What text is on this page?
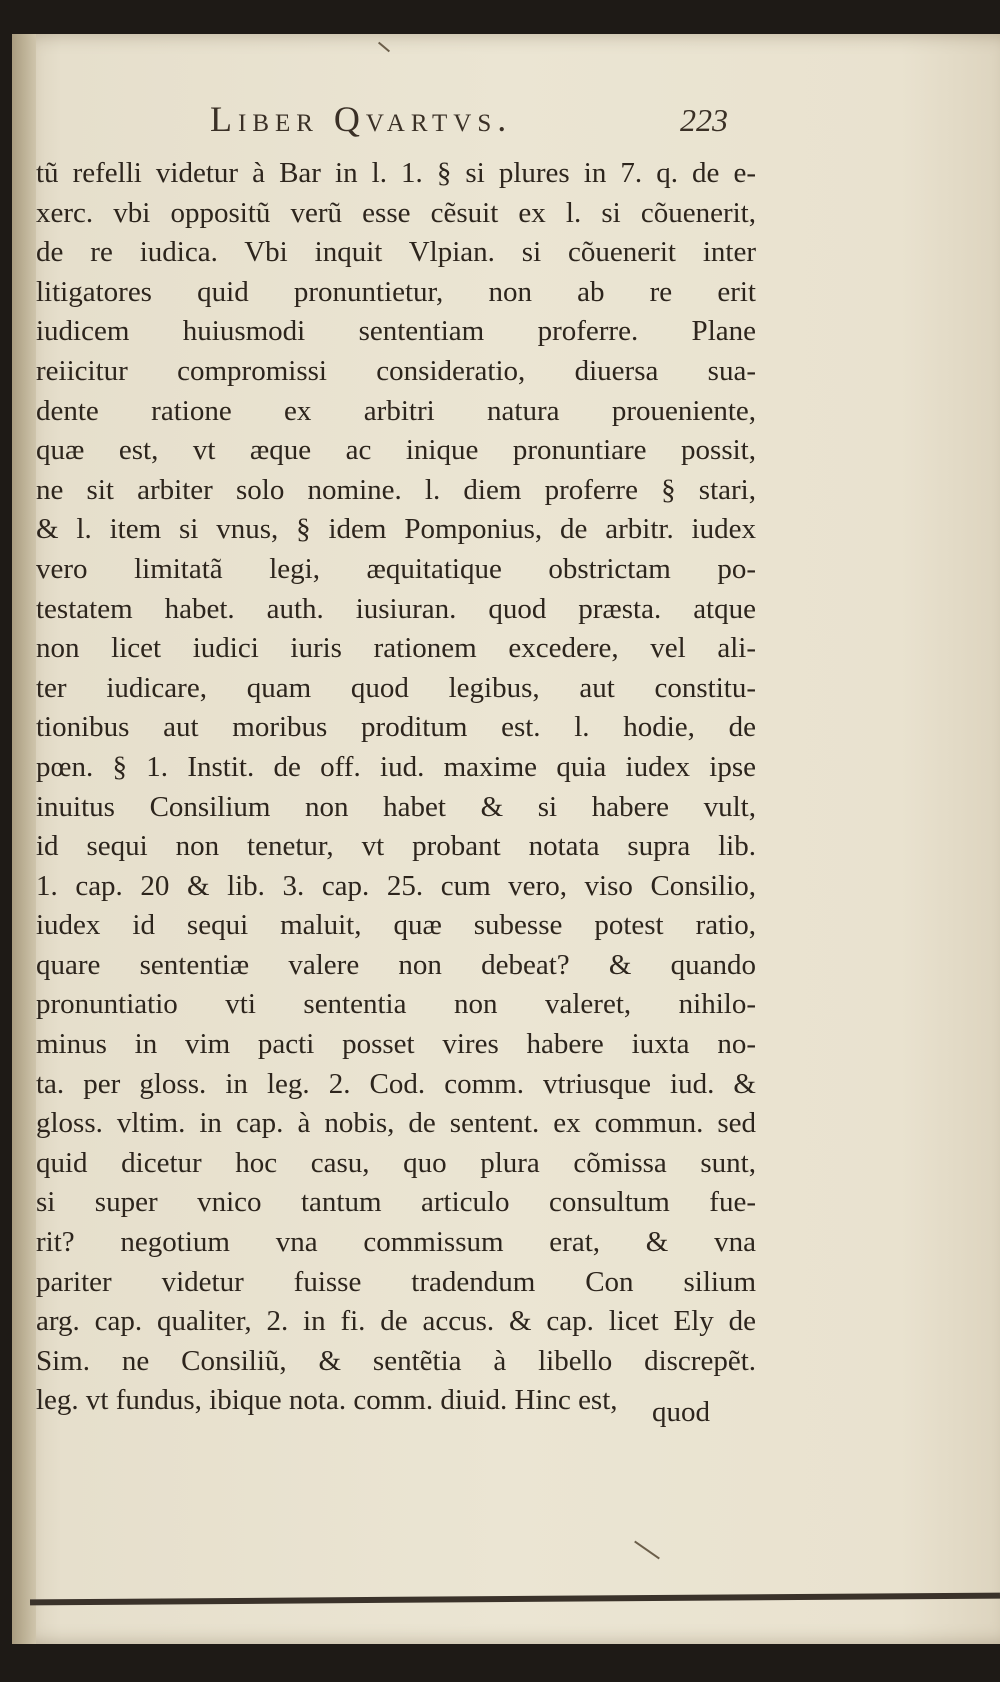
Liber Qvartvs.	223
tũ refelli videtur à Bar in l. 1. § si plures in 7. q. de e-
xerc. vbi oppositũ verũ esse cẽsuit ex l. si cõuenerit,
de re iudica. Vbi inquit Vlpian. si cõuenerit inter
litigatores quid pronuntietur, non ab re erit
iudicem huiusmodi sententiam proferre. Plane
reiicitur compromissi consideratio, diuersa sua-
dente ratione ex arbitri natura proueniente,
quæ est, vt æque ac inique pronuntiare possit,
ne sit arbiter solo nomine. l. diem proferre § stari,
& l. item si vnus, § idem Pomponius, de arbitr. iudex
vero limitatã legi, æquitatique obstrictam po-
testatem habet. auth. iusiuran. quod præsta. atque
non licet iudici iuris rationem excedere, vel ali-
ter iudicare, quam quod legibus, aut constitu-
tionibus aut moribus proditum est. l. hodie, de
pœn. § 1. Instit. de off. iud. maxime quia iudex ipse
inuitus Consilium non habet & si habere vult,
id sequi non tenetur, vt probant notata supra lib.
1. cap. 20 & lib. 3. cap. 25. cum vero, viso Consilio,
iudex id sequi maluit, quæ subesse potest ratio,
quare sententiæ valere non debeat? & quando
pronuntiatio vti sententia non valeret, nihilo-
minus in vim pacti posset vires habere iuxta no-
ta. per gloss. in leg. 2. Cod. comm. vtriusque iud. &
gloss. vltim. in cap. à nobis, de sentent. ex commun. sed
quid dicetur hoc casu, quo plura cõmissa sunt,
si super vnico tantum articulo consultum fue-
rit? negotium vna commissum erat, & vna
pariter videtur fuisse tradendum Con silium
arg. cap. qualiter, 2. in fi. de accus. & cap. licet Ely de
Sim. ne Consiliũ, & sentẽtia à libello discrepẽt.
leg. vt fundus, ibique nota. comm. diuid. Hinc est,	quod
